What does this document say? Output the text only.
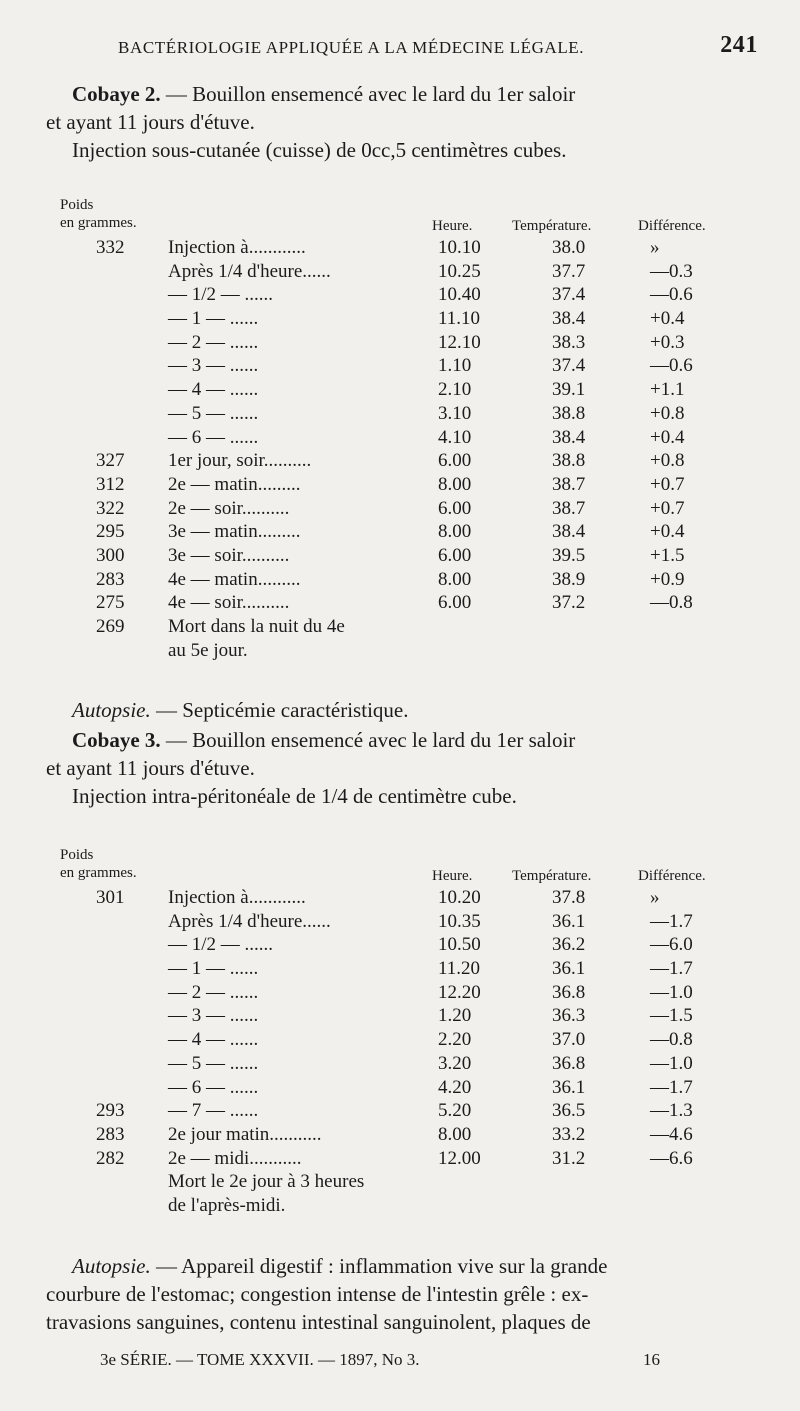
BACTÉRIOLOGIE APPLIQUÉE A LA MÉDECINE LÉGALE.	241
Cobaye 2. — Bouillon ensemencé avec le lard du 1er saloir
et ayant 11 jours d'étuve.
Injection sous-cutanée (cuisse) de 0cc,5 centimètres cubes.
Poids
en grammes.	Heure.	Température.	Différence.
332 Injection à............	10.10	38.0	»
Après 1/4 d'heure......	10.25	37.7	—0.3
— 1/2 — ......	10.40	37.4	—0.6
— 1 — ......	11.10	38.4	+0.4
— 2 — ......	12.10	38.3	+0.3
— 3 — ......	1.10	37.4	—0.6
— 4 — ......	2.10	39.1	+1.1
— 5 — ......	3.10	38.8	+0.8
— 6 — ......	4.10	38.4	+0.4
327 1er jour, soir..........	6.00	38.8	+0.8
312 2e — matin.........	8.00	38.7	+0.7
322 2e — soir..........	6.00	38.7	+0.7
295 3e — matin.........	8.00	38.4	+0.4
300 3e — soir..........	6.00	39.5	+1.5
283 4e — matin.........	8.00	38.9	+0.9
275 4e — soir..........	6.00	37.2	—0.8
269 Mort dans la nuit du 4e
au 5e jour.
Autopsie. — Septicémie caractéristique.
Cobaye 3. — Bouillon ensemencé avec le lard du 1er saloir
et ayant 11 jours d'étuve.
Injection intra-péritonéale de 1/4 de centimètre cube.
Poids
en grammes.	Heure.	Température.	Différence.
301 Injection à............	10.20	37.8	»
Après 1/4 d'heure......	10.35	36.1	—1.7
— 1/2 — ......	10.50	36.2	—6.0
— 1 — ......	11.20	36.1	—1.7
— 2 — ......	12.20	36.8	—1.0
— 3 — ......	1.20	36.3	—1.5
— 4 — ......	2.20	37.0	—0.8
— 5 — ......	3.20	36.8	—1.0
— 6 — ......	4.20	36.1	—1.7
293 — 7 — ......	5.20	36.5	—1.3
283 2e jour matin...........	8.00	33.2	—4.6
282 2e — midi...........	12.00	31.2	—6.6
Mort le 2e jour à 3 heures
de l'après-midi.
Autopsie. — Appareil digestif : inflammation vive sur la grande
courbure de l'estomac; congestion intense de l'intestin grêle : ex-
travasions sanguines, contenu intestinal sanguinolent, plaques de
3e SÉRIE. — TOME XXXVII. — 1897, No 3.	16
